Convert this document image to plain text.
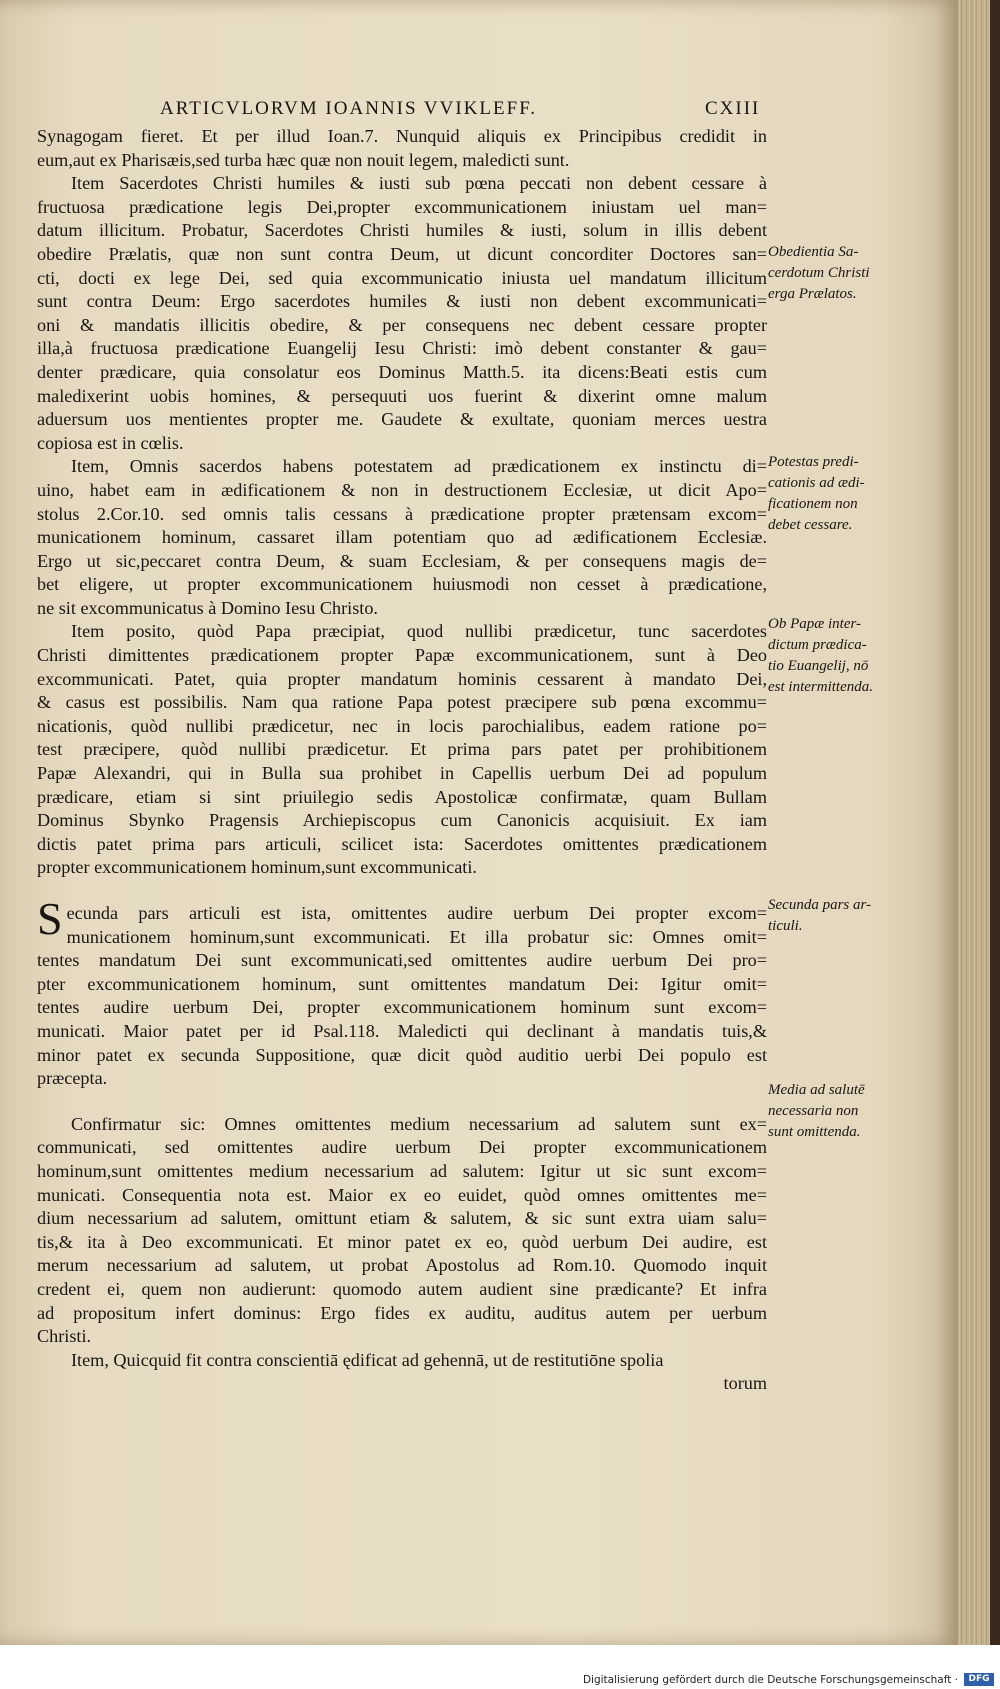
ARTICVLORVM IOANNIS VVIKLEFF.	CXIII
Synagogam fieret. Et per illud Ioan.7. Nunquid aliquis ex Principibus credidit in
eum,aut ex Pharisæis,sed turba hæc quæ non nouit legem, maledicti sunt.
Item Sacerdotes Christi humiles & iusti sub pœna peccati non debent cessare à
fructuosa prædicatione legis Dei,propter excommunicationem iniustam uel man=
datum illicitum. Probatur, Sacerdotes Christi humiles & iusti, solum in illis debent
obedire Prælatis, quæ non sunt contra Deum, ut dicunt concorditer Doctores san=
cti, docti ex lege Dei, sed quia excommunicatio iniusta uel mandatum illicitum
sunt contra Deum: Ergo sacerdotes humiles & iusti non debent excommunicati=
oni & mandatis illicitis obedire, & per consequens nec debent cessare propter
illa,à fructuosa prædicatione Euangelij Iesu Christi: imò debent constanter & gau=
denter prædicare, quia consolatur eos Dominus Matth.5. ita dicens:Beati estis cum
maledixerint uobis homines, & persequuti uos fuerint & dixerint omne malum
aduersum uos mentientes propter me. Gaudete & exultate, quoniam merces uestra
copiosa est in cœlis.
Item, Omnis sacerdos habens potestatem ad prædicationem ex instinctu di=
uino, habet eam in ædificationem & non in destructionem Ecclesiæ, ut dicit Apo=
stolus 2.Cor.10. sed omnis talis cessans à prædicatione propter prætensam excom=
municationem hominum, cassaret illam potentiam quo ad ædificationem Ecclesiæ.
Ergo ut sic,peccaret contra Deum, & suam Ecclesiam, & per consequens magis de=
bet eligere, ut propter excommunicationem huiusmodi non cesset à prædicatione,
ne sit excommunicatus à Domino Iesu Christo.
Item posito, quòd Papa præcipiat, quod nullibi prædicetur, tunc sacerdotes
Christi dimittentes prædicationem propter Papæ excommunicationem, sunt à Deo
excommunicati. Patet, quia propter mandatum hominis cessarent à mandato Dei,
& casus est possibilis. Nam qua ratione Papa potest præcipere sub pœna excommu=
nicationis, quòd nullibi prædicetur, nec in locis parochialibus, eadem ratione po=
test præcipere, quòd nullibi prædicetur. Et prima pars patet per prohibitionem
Papæ Alexandri, qui in Bulla sua prohibet in Capellis uerbum Dei ad populum
prædicare, etiam si sint priuilegio sedis Apostolicæ confirmatæ, quam Bullam
Dominus Sbynko Pragensis Archiepiscopus cum Canonicis acquisiuit. Ex iam
dictis patet prima pars articuli, scilicet ista: Sacerdotes omittentes prædicationem
propter excommunicationem hominum,sunt excommunicati.
S ecunda pars articuli est ista, omittentes audire uerbum Dei propter excom=
municationem hominum,sunt excommunicati. Et illa probatur sic: Omnes omit=
tentes mandatum Dei sunt excommunicati,sed omittentes audire uerbum Dei pro=
pter excommunicationem hominum, sunt omittentes mandatum Dei: Igitur omit=
tentes audire uerbum Dei, propter excommunicationem hominum sunt excom=
municati. Maior patet per id Psal.118. Maledicti qui declinant à mandatis tuis,&
minor patet ex secunda Suppositione, quæ dicit quòd auditio uerbi Dei populo est
præcepta.
Confirmatur sic: Omnes omittentes medium necessarium ad salutem sunt ex=
communicati, sed omittentes audire uerbum Dei propter excommunicationem
hominum,sunt omittentes medium necessarium ad salutem: Igitur ut sic sunt excom=
municati. Consequentia nota est. Maior ex eo euidet, quòd omnes omittentes me=
dium necessarium ad salutem, omittunt etiam & salutem, & sic sunt extra uiam salu=
tis,& ita à Deo excommunicati. Et minor patet ex eo, quòd uerbum Dei audire, est
merum necessarium ad salutem, ut probat Apostolus ad Rom.10. Quomodo inquit
credent ei, quem non audierunt: quomodo autem audient sine prædicante? Et infra
ad propositum infert dominus: Ergo fides ex auditu, auditus autem per uerbum
Christi.
Item, Quicquid fit contra conscientiā ędificat ad gehennā, ut de restitutiōne spolia
torum
Obedientia Sa-
cerdotum Christi
erga Prælatos.
Potestas predi-
cationis ad ædi-
ficationem non
debet cessare.
Ob Papæ inter-
dictum prædica-
tio Euangelij, nō
est intermittenda.
Secunda pars ar-
ticuli.
Media ad salutē
necessaria non
sunt omittenda.
Digitalisierung gefördert durch die Deutsche Forschungsgemeinschaft ·	DFG
